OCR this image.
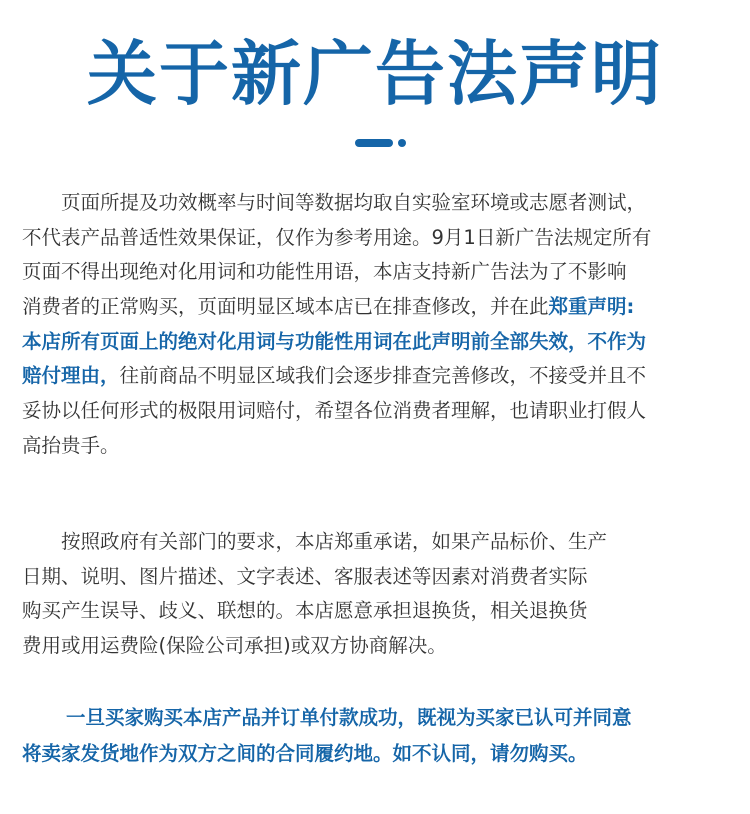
关于新广告法声明
页面所提及功效概率与时间等数据均取自实验室环境或志愿者测试，
不代表产品普适性效果保证，仅作为参考用途。9月1日新广告法规定所有
页面不得出现绝对化用词和功能性用语，本店支持新广告法为了不影响
消费者的正常购买，页面明显区域本店已在排查修改，并在此郑重声明:
本店所有页面上的绝对化用词与功能性用词在此声明前全部失效，不作为
赔付理由，往前商品不明显区域我们会逐步排查完善修改，不接受并且不
妥协以任何形式的极限用词赔付，希望各位消费者理解，也请职业打假人
高抬贵手。
按照政府有关部门的要求，本店郑重承诺，如果产品标价、生产
日期、说明、图片描述、文字表述、客服表述等因素对消费者实际
购买产生误导、歧义、联想的。本店愿意承担退换货，相关退换货
费用或用运费险(保险公司承担)或双方协商解决。
一旦买家购买本店产品并订单付款成功，既视为买家已认可并同意
将卖家发货地作为双方之间的合同履约地。如不认同，请勿购买。
